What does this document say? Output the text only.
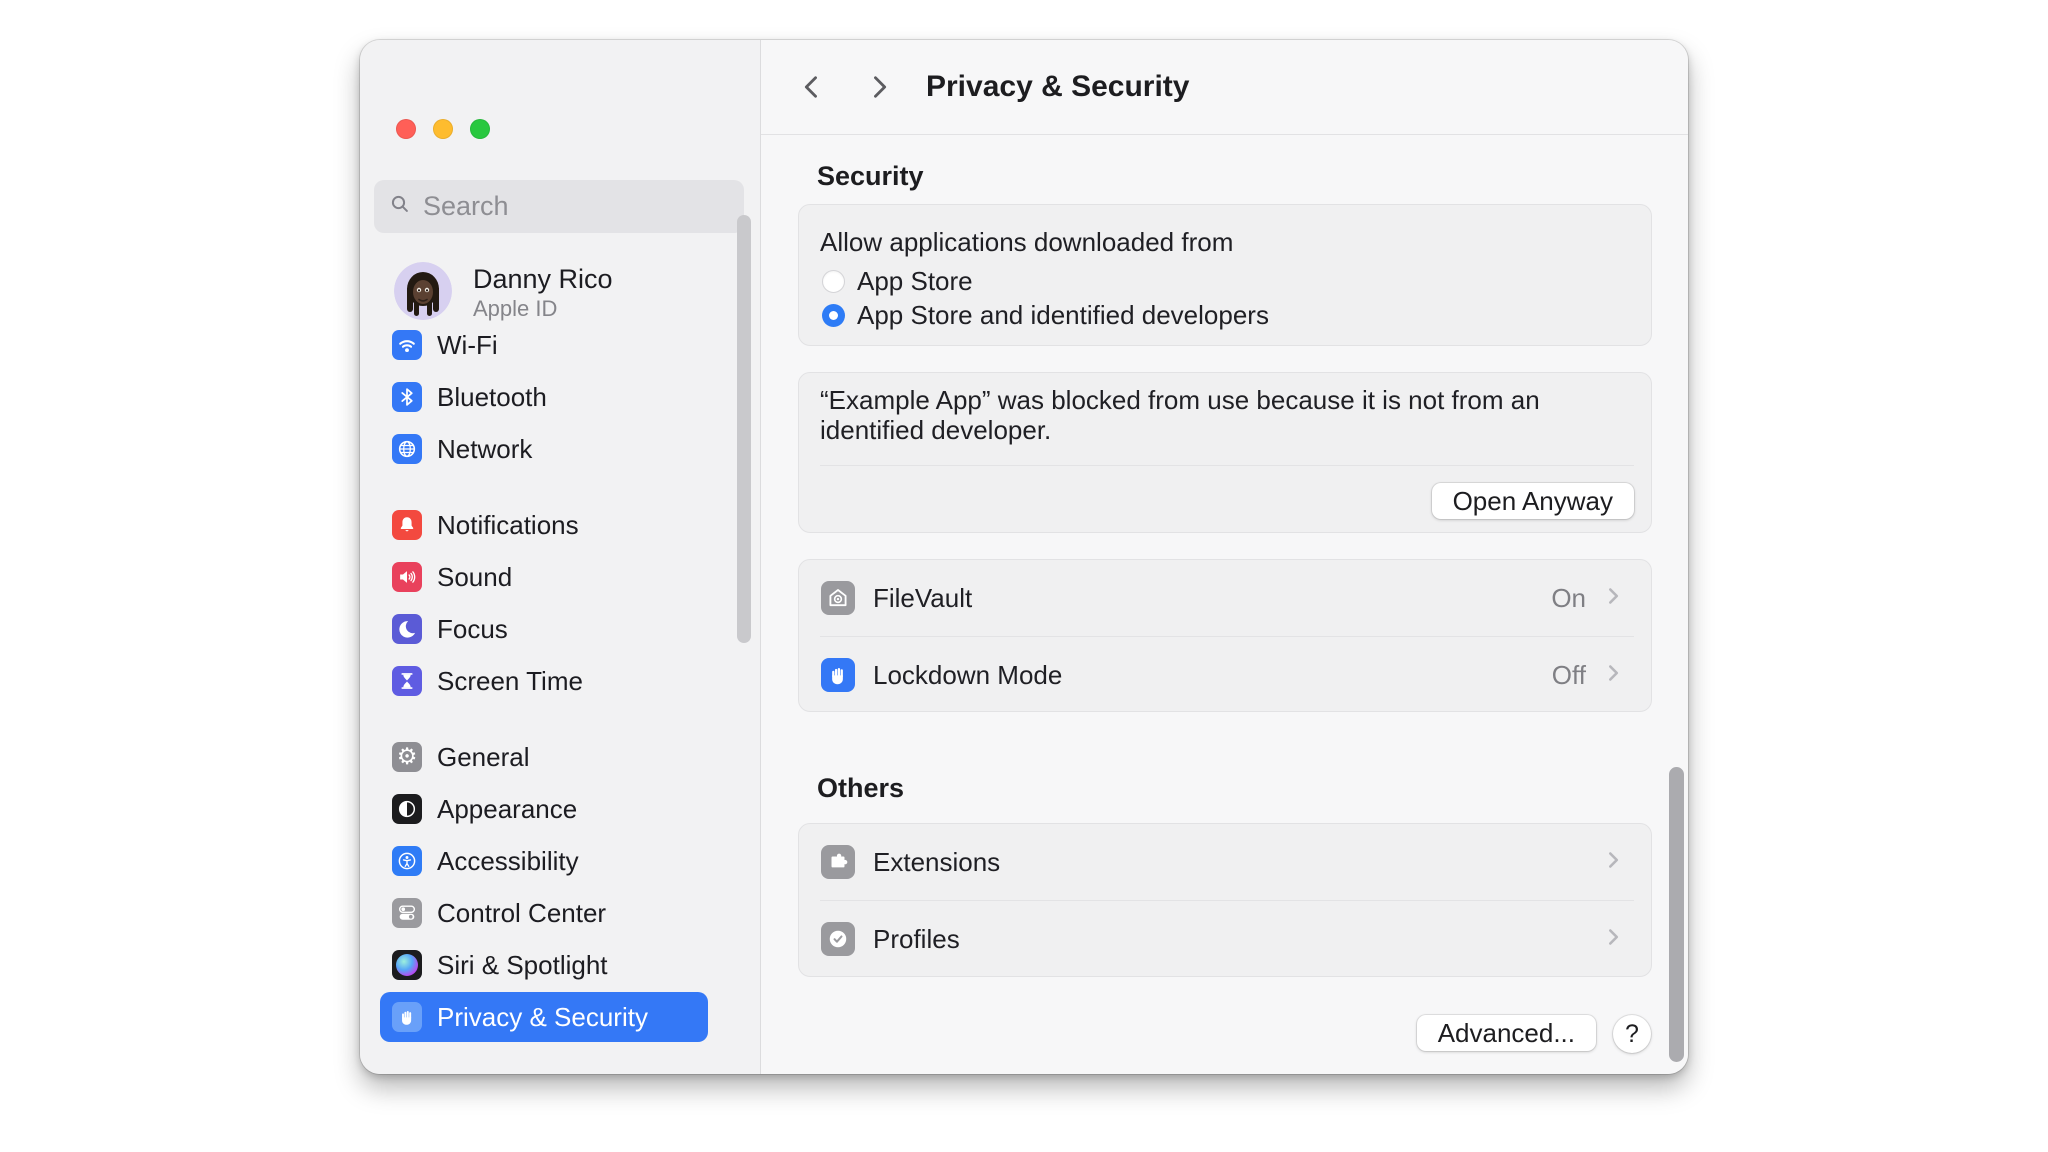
Search
Danny Rico
Apple ID
Wi-Fi
Bluetooth
Network
Notifications
Sound
Focus
Screen Time
⚙ General
Appearance
Accessibility
Control Center
Siri & Spotlight
Privacy & Security
Privacy & Security
Security
Allow applications downloaded from
App Store
App Store and identified developers
“Example App” was blocked from use because it is not from an
identified developer.
Open Anyway
FileVault	On
Lockdown Mode	Off
Others
Extensions
Profiles
Advanced...	?
